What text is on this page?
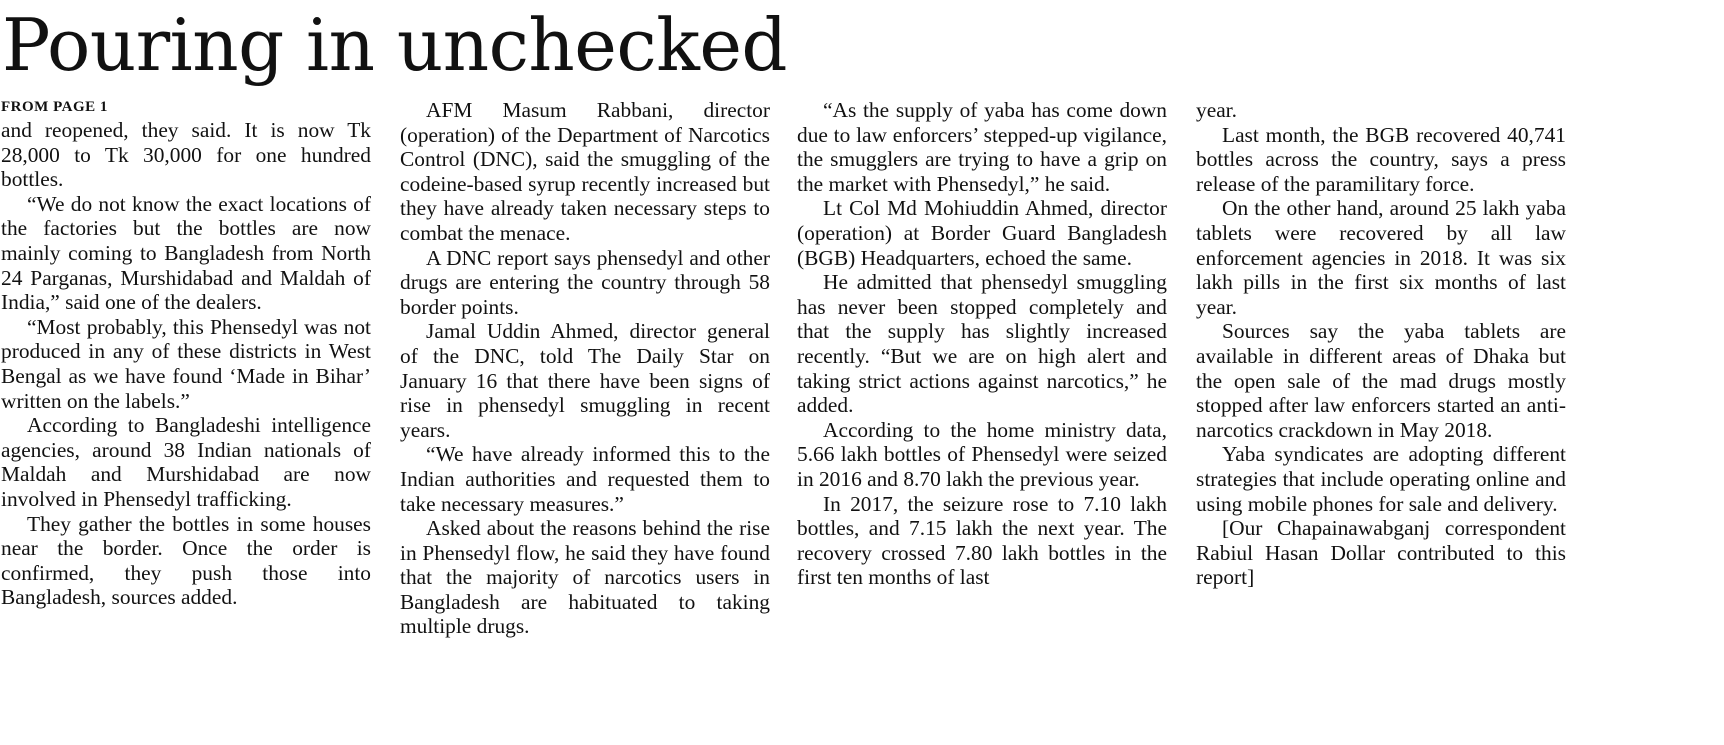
Pouring in unchecked
FROM PAGE 1

and reopened, they said. It is now Tk 28,000 to Tk 30,000 for one hundred bottles.

“We do not know the exact locations of the factories but the bottles are now mainly coming to Bangladesh from North 24 Parganas, Murshidabad and Maldah of India,” said one of the dealers.

“Most probably, this Phensedyl was not produced in any of these districts in West Bengal as we have found ‘Made in Bihar’ written on the labels.”

According to Bangladeshi intelligence agencies, around 38 Indian nationals of Maldah and Murshidabad are now involved in Phensedyl trafficking.

They gather the bottles in some houses near the border. Once the order is confirmed, they push those into Bangladesh, sources added.

AFM Masum Rabbani, director (operation) of the Department of Narcotics Control (DNC), said the smuggling of the codeine-based syrup recently increased but they have already taken necessary steps to combat the menace.

A DNC report says phensedyl and other drugs are entering the country through 58 border points.

Jamal Uddin Ahmed, director general of the DNC, told The Daily Star on January 16 that there have been signs of rise in phensedyl smuggling in recent years.

“We have already informed this to the Indian authorities and requested them to take necessary measures.”

Asked about the reasons behind the rise in Phensedyl flow, he said they have found that the majority of narcotics users in Bangladesh are habituated to taking multiple drugs.

“As the supply of yaba has come down due to law enforcers’ stepped-up vigilance, the smugglers are trying to have a grip on the market with Phensedyl,” he said.

Lt Col Md Mohiuddin Ahmed, director (operation) at Border Guard Bangladesh (BGB) Headquarters, echoed the same.

He admitted that phensedyl smuggling has never been stopped completely and that the supply has slightly increased recently. “But we are on high alert and taking strict actions against narcotics,” he added.

According to the home ministry data, 5.66 lakh bottles of Phensedyl were seized in 2016 and 8.70 lakh the previous year.

In 2017, the seizure rose to 7.10 lakh bottles, and 7.15 lakh the next year. The recovery crossed 7.80 lakh bottles in the first ten months of last

year.

Last month, the BGB recovered 40,741 bottles across the country, says a press release of the paramilitary force.

On the other hand, around 25 lakh yaba tablets were recovered by all law enforcement agencies in 2018. It was six lakh pills in the first six months of last year.

Sources say the yaba tablets are available in different areas of Dhaka but the open sale of the mad drugs mostly stopped after law enforcers started an anti-narcotics crackdown in May 2018.

Yaba syndicates are adopting different strategies that include operating online and using mobile phones for sale and delivery.

[Our Chapainawabganj correspondent Rabiul Hasan Dollar contributed to this report]
